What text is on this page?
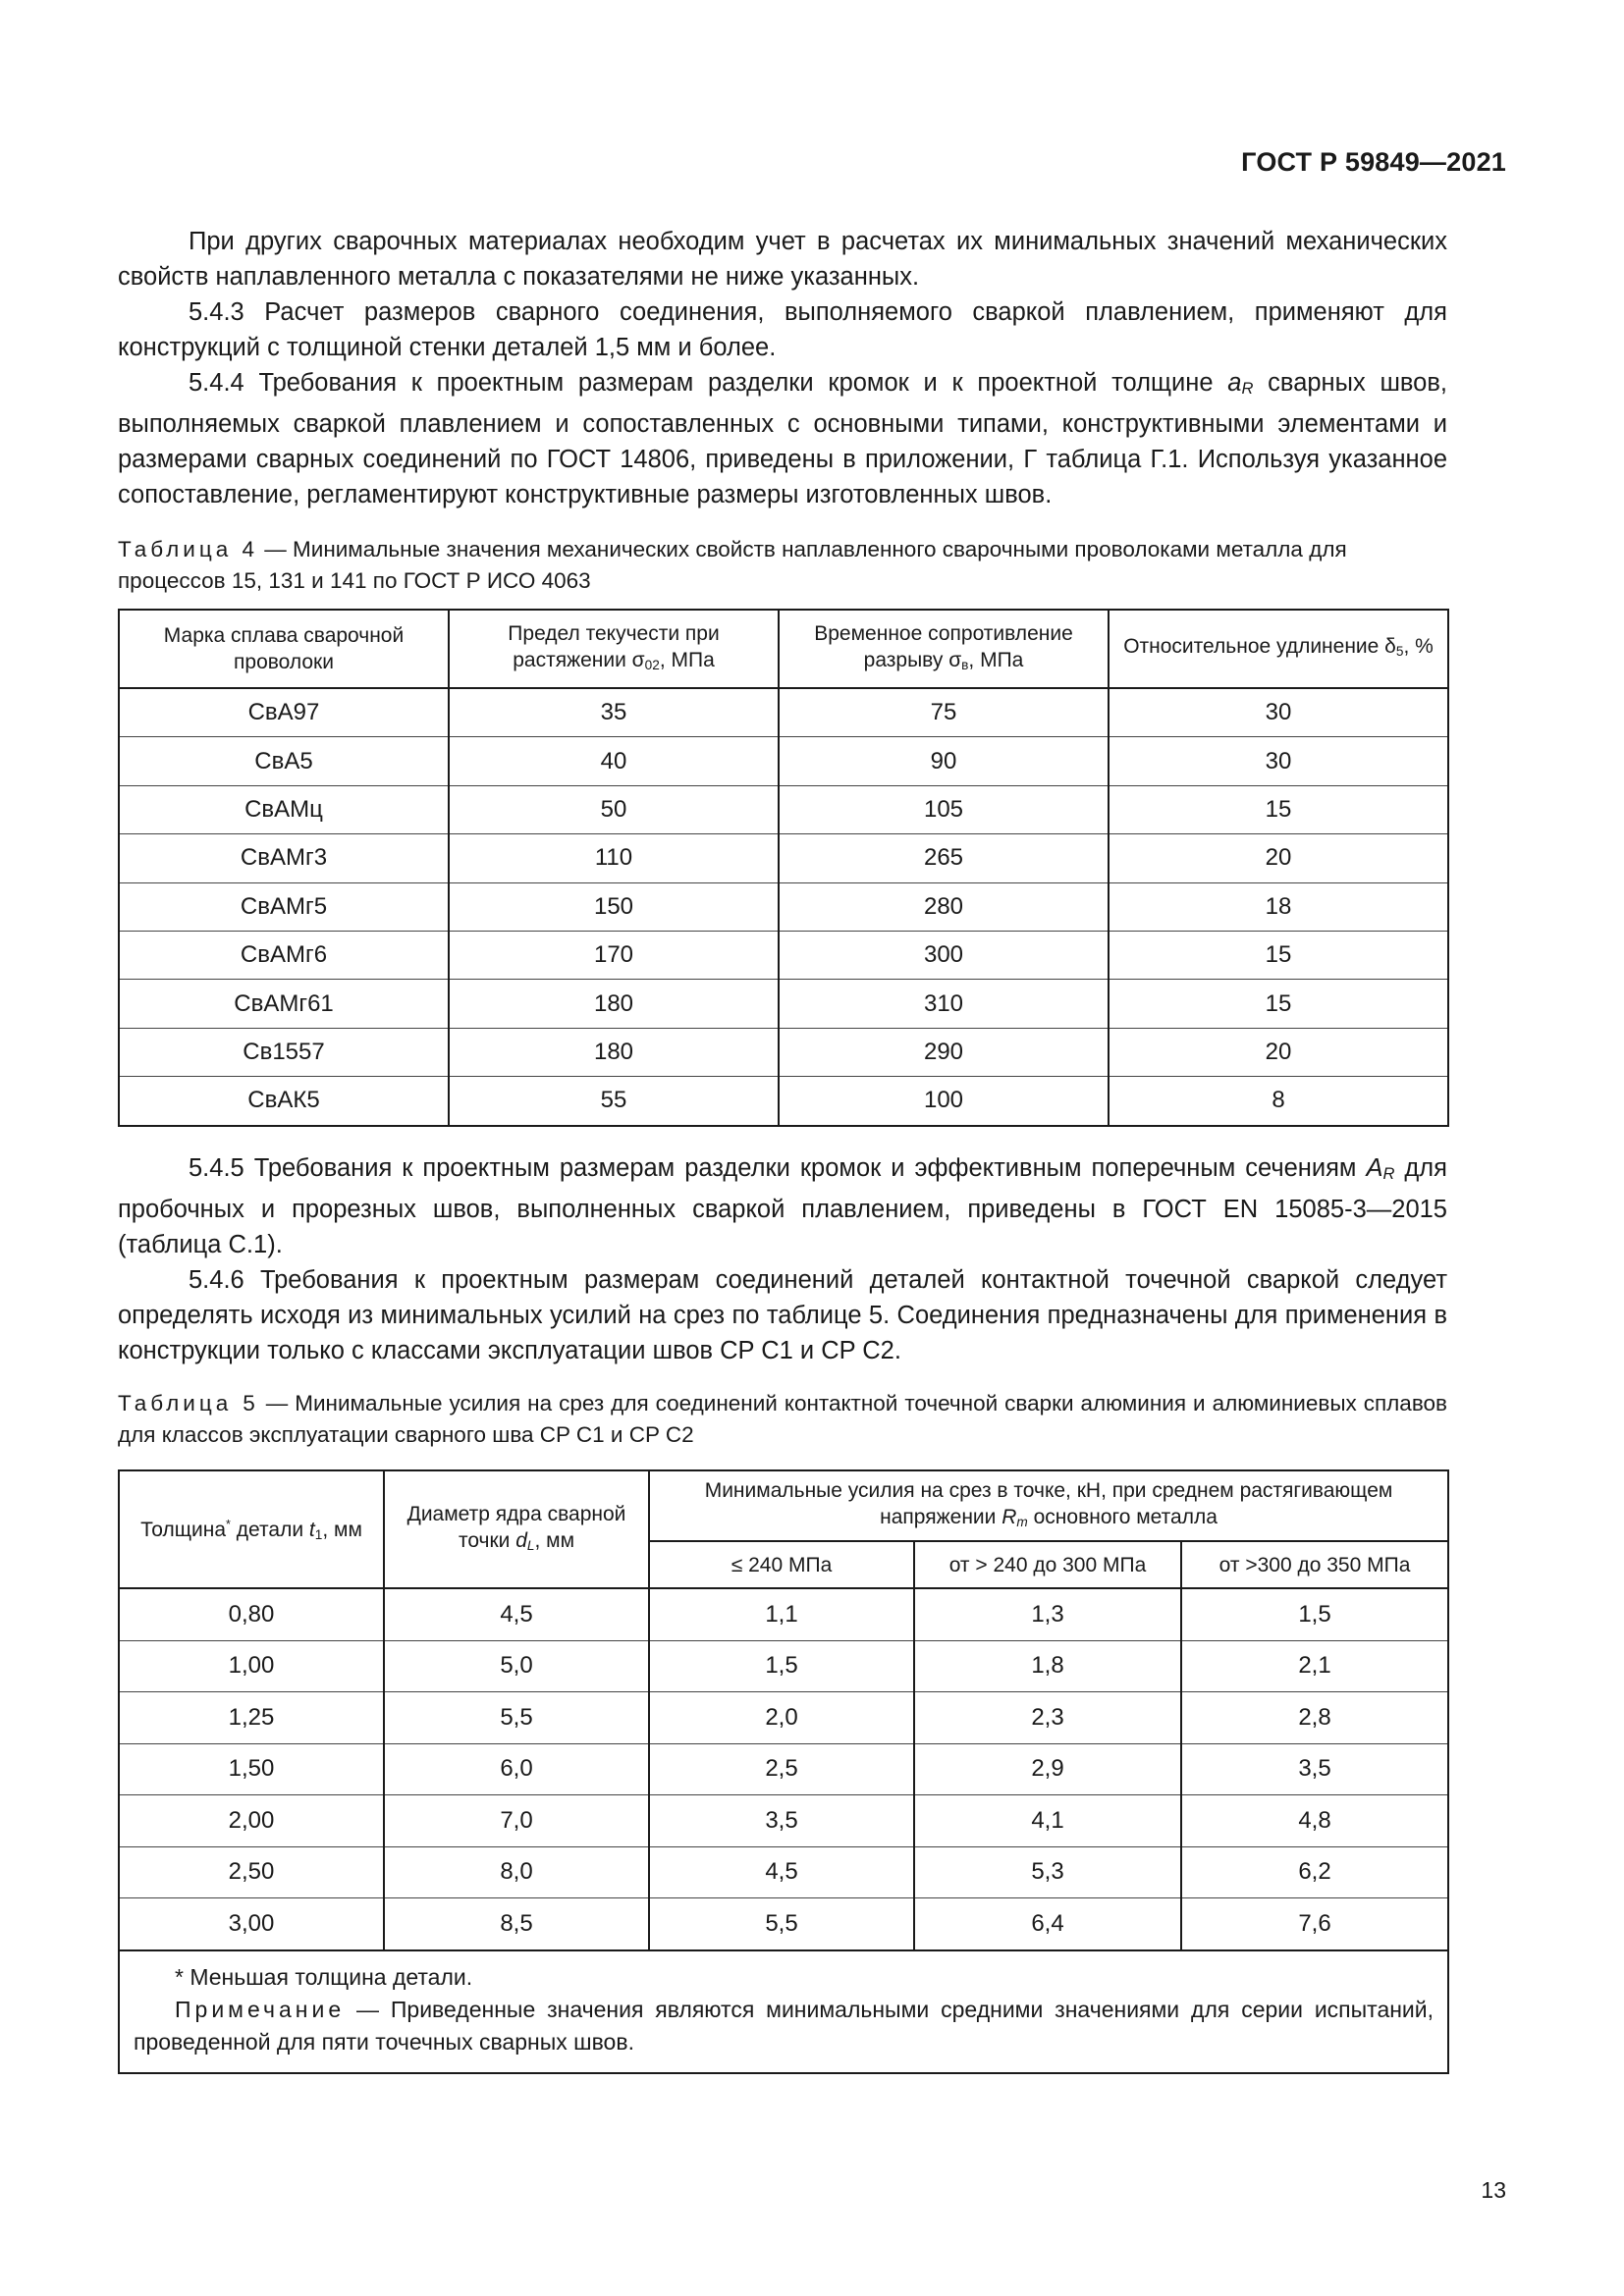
ГОСТ Р 59849—2021

При других сварочных материалах необходим учет в расчетах их минимальных значений механических свойств наплавленного металла с показателями не ниже указанных.

5.4.3 Расчет размеров сварного соединения, выполняемого сваркой плавлением, применяют для конструкций с толщиной стенки деталей 1,5 мм и более.

5.4.4 Требования к проектным размерам разделки кромок и к проектной толщине $a_R$ сварных швов, выполняемых сваркой плавлением и сопоставленных с основными типами, конструктивными элементами и размерами сварных соединений по ГОСТ 14806, приведены в приложении, Г таблица Г.1. Используя указанное сопоставление, регламентируют конструктивные размеры изготовленных швов.

Таблица 4 — Минимальные значения механических свойств наплавленного сварочными проволоками металла для процессов 15, 131 и 141 по ГОСТ Р ИСО 4063
Марка сплава сварочной проволоки	Предел текучести при растяжении $\sigma_{02}$, МПа	Временное сопротивление разрыву $\sigma_в$, МПа	Относительное удлинение $\delta_5$, %
СвА97	35	75	30
СвА5	40	90	30
СвАМц	50	105	15
СвАМг3	110	265	20
СвАМг5	150	280	18
СвАМг6	170	300	15
СвАМг61	180	310	15
Св1557	180	290	20
СвАК5	55	100	8

5.4.5 Требования к проектным размерам разделки кромок и эффективным поперечным сечениям $A_R$ для пробочных и прорезных швов, выполненных сваркой плавлением, приведены в ГОСТ EN 15085-3—2015 (таблица С.1).

5.4.6 Требования к проектным размерам соединений деталей контактной точечной сваркой следует определять исходя из минимальных усилий на срез по таблице 5. Соединения предназначены для применения в конструкции только с классами эксплуатации швов CP C1 и CP C2.

Таблица 5 — Минимальные усилия на срез для соединений контактной точечной сварки алюминия и алюминиевых сплавов для классов эксплуатации сварного шва CP C1 и CP C2
Толщина* детали $t_1$, мм	Диаметр ядра сварной точки $d_L$, мм	Минимальные усилия на срез в точке, кН, при среднем растягивающем напряжении $R_m$ основного металла		
		≤ 240 МПа	от > 240 до 300 МПа	от >300 до 350 МПа
0,80	4,5	1,1	1,3	1,5
1,00	5,0	1,5	1,8	2,1
1,25	5,5	2,0	2,3	2,8
1,50	6,0	2,5	2,9	3,5
2,00	7,0	3,5	4,1	4,8
2,50	8,0	4,5	5,3	6,2
3,00	8,5	5,5	6,4	7,6

* Меньшая толщина детали.

Примечание — Приведенные значения являются минимальными средними значениями для серии испытаний, проведенной для пяти точечных сварных швов.				

13
